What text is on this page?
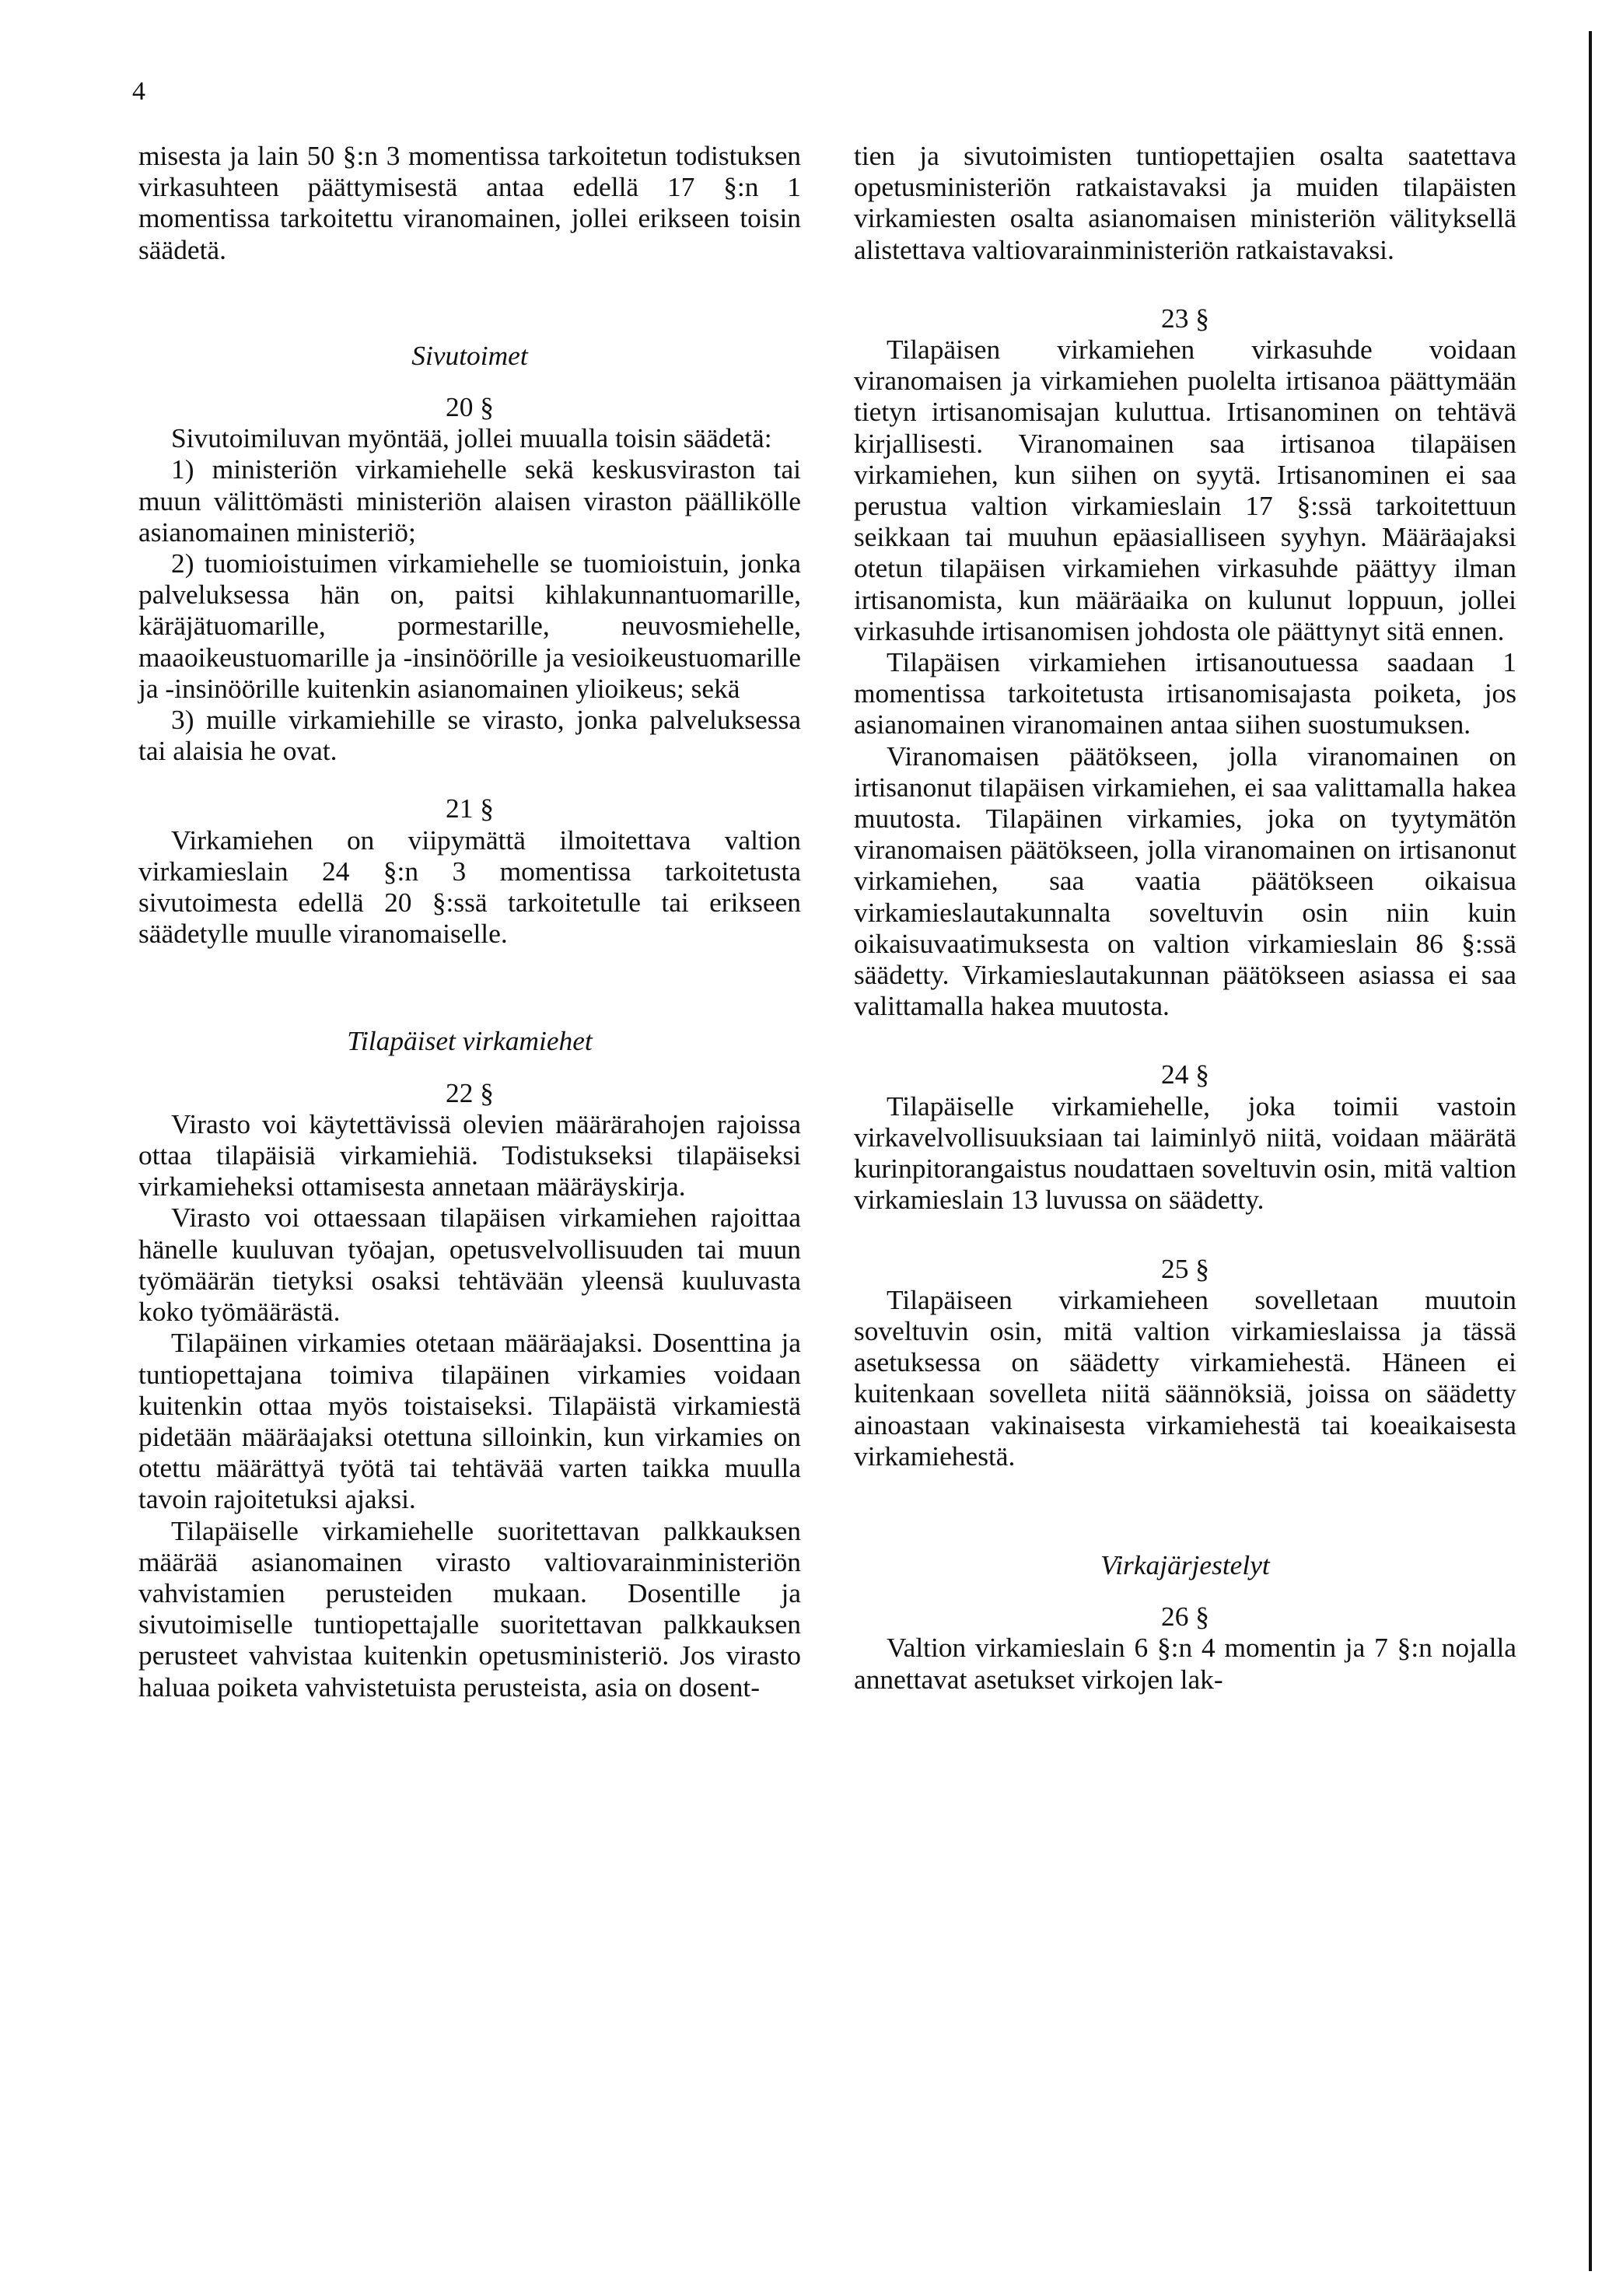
4

misesta ja lain 50 §:n 3 momentissa tarkoitetun todistuksen virkasuhteen päättymisestä antaa edellä 17 §:n 1 momentissa tarkoitettu viranomainen, jollei erikseen toisin säädetä.

Sivutoimet

20 §

Sivutoimiluvan myöntää, jollei muualla toisin säädetä:

1) ministeriön virkamiehelle sekä keskusviraston tai muun välittömästi ministeriön alaisen viraston päällikölle asianomainen ministeriö;

2) tuomioistuimen virkamiehelle se tuomioistuin, jonka palveluksessa hän on, paitsi kihlakunnantuomarille, käräjätuomarille, pormestarille, neuvosmiehelle, maaoikeustuomarille ja -insinöörille ja vesioikeustuomarille ja -insinöörille kuitenkin asianomainen ylioikeus; sekä

3) muille virkamiehille se virasto, jonka palveluksessa tai alaisia he ovat.

21 §

Virkamiehen on viipymättä ilmoitettava valtion virkamieslain 24 §:n 3 momentissa tarkoitetusta sivutoimesta edellä 20 §:ssä tarkoitetulle tai erikseen säädetylle muulle viranomaiselle.

Tilapäiset virkamiehet

22 §

Virasto voi käytettävissä olevien määrärahojen rajoissa ottaa tilapäisiä virkamiehiä. Todistukseksi tilapäiseksi virkamieheksi ottamisesta annetaan määräyskirja.

Virasto voi ottaessaan tilapäisen virkamiehen rajoittaa hänelle kuuluvan työajan, opetusvelvollisuuden tai muun työmäärän tietyksi osaksi tehtävään yleensä kuuluvasta koko työmäärästä.

Tilapäinen virkamies otetaan määräajaksi. Dosenttina ja tuntiopettajana toimiva tilapäinen virkamies voidaan kuitenkin ottaa myös toistaiseksi. Tilapäistä virkamiestä pidetään määräajaksi otettuna silloinkin, kun virkamies on otettu määrättyä työtä tai tehtävää varten taikka muulla tavoin rajoitetuksi ajaksi.

Tilapäiselle virkamiehelle suoritettavan palkkauksen määrää asianomainen virasto valtiovarainministeriön vahvistamien perusteiden mukaan. Dosentille ja sivutoimiselle tuntiopettajalle suoritettavan palkkauksen perusteet vahvistaa kuitenkin opetusministeriö. Jos virasto haluaa poiketa vahvistetuista perusteista, asia on dosent-

tien ja sivutoimisten tuntiopettajien osalta saatettava opetusministeriön ratkaistavaksi ja muiden tilapäisten virkamiesten osalta asianomaisen ministeriön välityksellä alistettava valtiovarainministeriön ratkaistavaksi.

23 §

Tilapäisen virkamiehen virkasuhde voidaan viranomaisen ja virkamiehen puolelta irtisanoa päättymään tietyn irtisanomisajan kuluttua. Irtisanominen on tehtävä kirjallisesti. Viranomainen saa irtisanoa tilapäisen virkamiehen, kun siihen on syytä. Irtisanominen ei saa perustua valtion virkamieslain 17 §:ssä tarkoitettuun seikkaan tai muuhun epäasialliseen syyhyn. Määräajaksi otetun tilapäisen virkamiehen virkasuhde päättyy ilman irtisanomista, kun määräaika on kulunut loppuun, jollei virkasuhde irtisanomisen johdosta ole päättynyt sitä ennen.

Tilapäisen virkamiehen irtisanoutuessa saadaan 1 momentissa tarkoitetusta irtisanomisajasta poiketa, jos asianomainen viranomainen antaa siihen suostumuksen.

Viranomaisen päätökseen, jolla viranomainen on irtisanonut tilapäisen virkamiehen, ei saa valittamalla hakea muutosta. Tilapäinen virkamies, joka on tyytymätön viranomaisen päätökseen, jolla viranomainen on irtisanonut virkamiehen, saa vaatia päätökseen oikaisua virkamieslautakunnalta soveltuvin osin niin kuin oikaisuvaatimuksesta on valtion virkamieslain 86 §:ssä säädetty. Virkamieslautakunnan päätökseen asiassa ei saa valittamalla hakea muutosta.

24 §

Tilapäiselle virkamiehelle, joka toimii vastoin virkavelvollisuuksiaan tai laiminlyö niitä, voidaan määrätä kurinpitorangaistus noudattaen soveltuvin osin, mitä valtion virkamieslain 13 luvussa on säädetty.

25 §

Tilapäiseen virkamieheen sovelletaan muutoin soveltuvin osin, mitä valtion virkamieslaissa ja tässä asetuksessa on säädetty virkamiehestä. Häneen ei kuitenkaan sovelleta niitä säännöksiä, joissa on säädetty ainoastaan vakinaisesta virkamiehestä tai koeaikaisesta virkamiehestä.

Virkajärjestelyt

26 §

Valtion virkamieslain 6 §:n 4 momentin ja 7 §:n nojalla annettavat asetukset virkojen lak-
